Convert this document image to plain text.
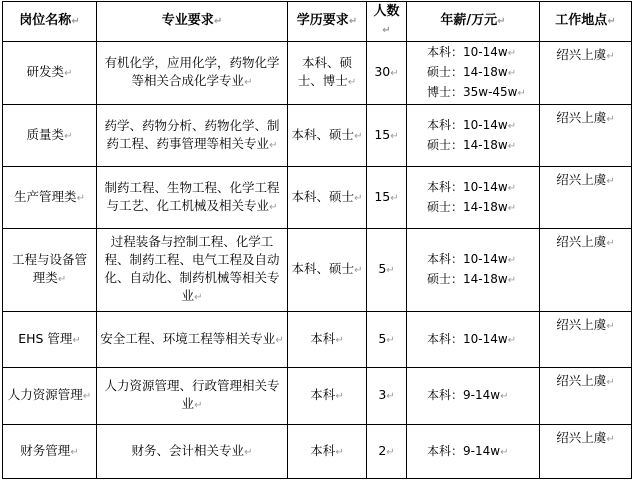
岗位名称 ↵	专业要求 ↵	学历要求 ↵	人数 ↵	年薪/万元 ↵	工作地点 ↵
研发类 ↵	有机化学，应用化学，药物化学等相关合成化学专业 ↵	本科、硕士、博士 ↵	30 ↵	本科：10-14w ↵
硕士：14-18w ↵
博士：35w-45w ↵	绍兴上虞 ↵
质量类 ↵	药学、药物分析、药物化学、制药工程、药事管理等相关专业 ↵	本科、硕士 ↵	15 ↵	本科：10-14w ↵
硕士：14-18w ↵	绍兴上虞 ↵
生产管理类 ↵	制药工程、生物工程、化学工程与工艺、化工机械及相关专业 ↵	本科、硕士 ↵	15 ↵	本科：10-14w ↵
硕士：14-18w ↵	绍兴上虞 ↵
工程与设备管理类 ↵	过程装备与控制工程、化学工程、制药工程、电气工程及自动化、自动化、制药机械等相关专业 ↵	本科、硕士 ↵	5 ↵	本科：10-14w ↵
硕士：14-18w ↵	绍兴上虞 ↵
EHS 管理 ↵	安全工程、环境工程等相关专业 ↵	本科 ↵	5 ↵	本科：10-14w ↵	绍兴上虞 ↵
人力资源管理 ↵	人力资源管理、行政管理相关专业 ↵	本科 ↵	3 ↵	本科：9-14w ↵	绍兴上虞 ↵
财务管理 ↵	财务、会计相关专业 ↵	本科 ↵	2 ↵	本科：9-14w ↵	绍兴上虞 ↵
